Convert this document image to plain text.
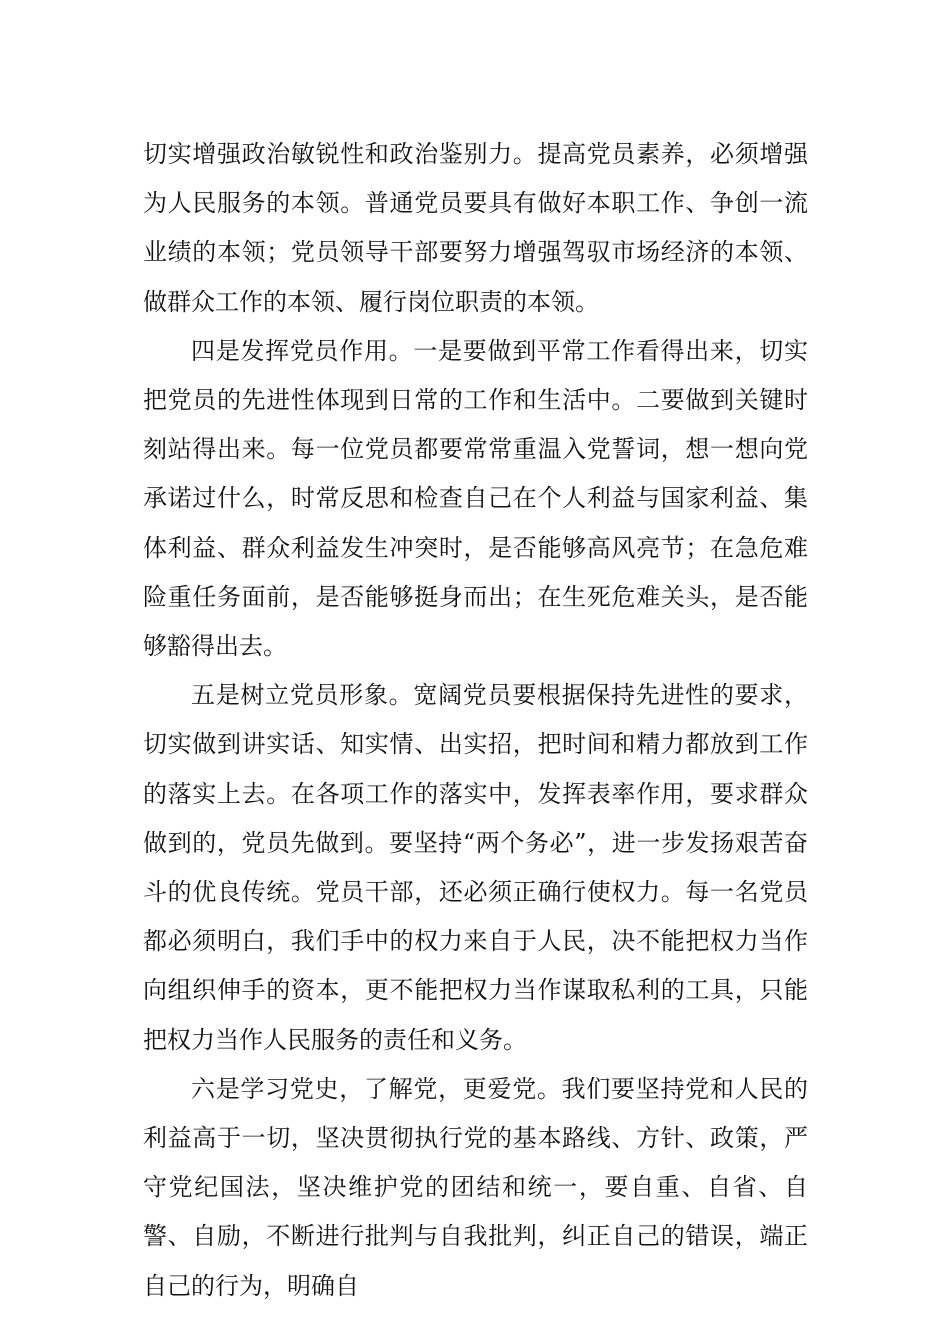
切实增强政治敏锐性和政治鉴别力。提高党员素养，必须增强为人民服务的本领。普通党员要具有做好本职工作、争创一流业绩的本领；党员领导干部要努力增强驾驭市场经济的本领、做群众工作的本领、履行岗位职责的本领。

四是发挥党员作用。一是要做到平常工作看得出来，切实把党员的先进性体现到日常的工作和生活中。二要做到关键时刻站得出来。每一位党员都要常常重温入党誓词，想一想向党承诺过什么，时常反思和检查自己在个人利益与国家利益、集体利益、群众利益发生冲突时，是否能够高风亮节；在急危难险重任务面前，是否能够挺身而出；在生死危难关头，是否能够豁得出去。

五是树立党员形象。宽阔党员要根据保持先进性的要求，切实做到讲实话、知实情、出实招，把时间和精力都放到工作的落实上去。在各项工作的落实中，发挥表率作用，要求群众做到的，党员先做到。要坚持“两个务必”，进一步发扬艰苦奋斗的优良传统。党员干部，还必须正确行使权力。每一名党员都必须明白，我们手中的权力来自于人民，决不能把权力当作向组织伸手的资本，更不能把权力当作谋取私利的工具，只能把权力当作人民服务的责任和义务。

六是学习党史，了解党，更爱党。我们要坚持党和人民的利益高于一切，坚决贯彻执行党的基本路线、方针、政策，严守党纪国法，坚决维护党的团结和统一，要自重、自省、自警、自励，不断进行批判与自我批判，纠正自己的错误，端正自己的行为，明确自
